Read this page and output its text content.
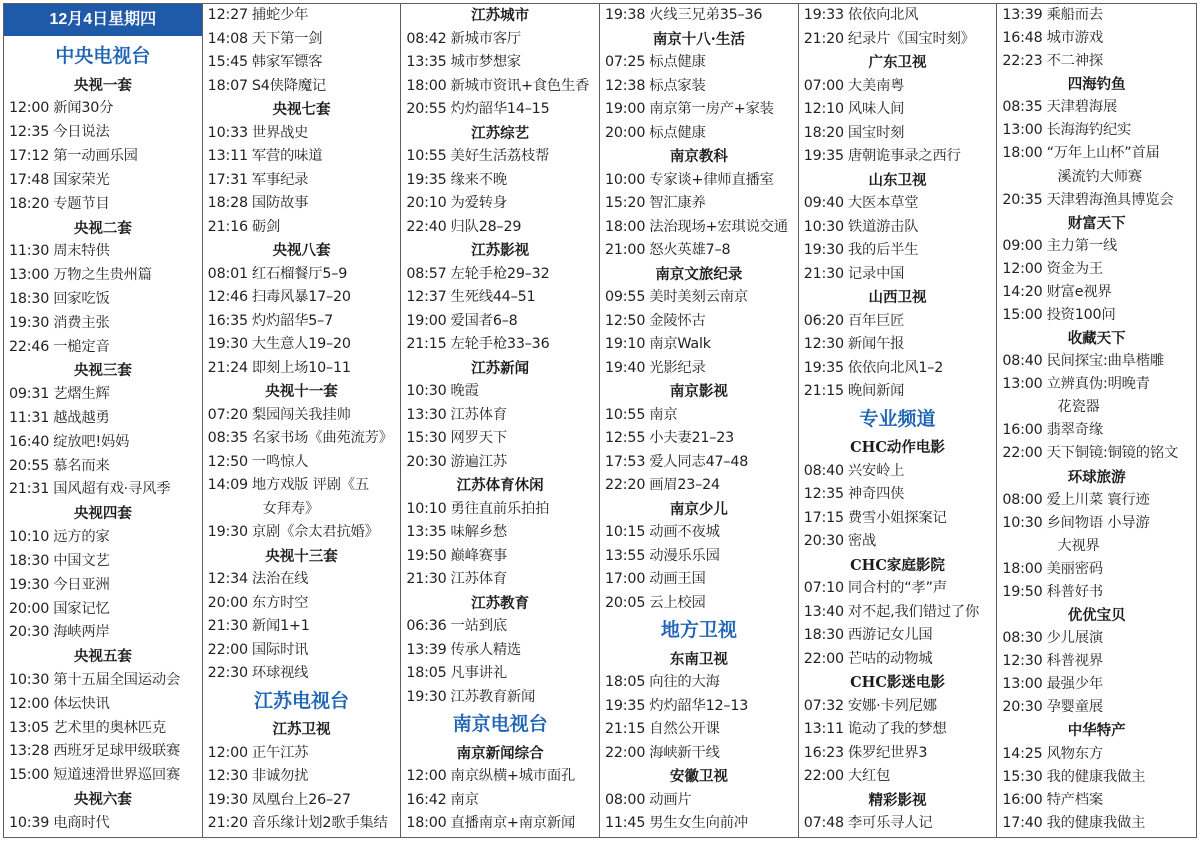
12月4日星期四
中央电视台
央视一套
12:00 新闻30分
12:35 今日说法
17:12 第一动画乐园
17:48 国家荣光
18:20 专题节目
央视二套
11:30 周末特供
13:00 万物之生贵州篇
18:30 回家吃饭
19:30 消费主张
22:46 一槌定音
央视三套
09:31 艺熠生辉
11:31 越战越勇
16:40 绽放吧!妈妈
20:55 慕名而来
21:31 国风超有戏·寻风季
央视四套
10:10 远方的家
18:30 中国文艺
19:30 今日亚洲
20:00 国家记忆
20:30 海峡两岸
央视五套
10:30 第十五届全国运动会
12:00 体坛快讯
13:05 艺术里的奥林匹克
13:28 西班牙足球甲级联赛
15:00 短道速滑世界巡回赛
央视六套
10:39 电商时代
12:27 捕蛇少年
14:08 天下第一剑
15:45 韩家军镖客
18:07 S4侠降魔记
央视七套
10:33 世界战史
13:11 军营的味道
17:31 军事纪录
18:28 国防故事
21:16 砺剑
央视八套
08:01 红石榴餐厅5–9
12:46 扫毒风暴17–20
16:35 灼灼韶华5–7
19:30 大生意人19–20
21:24 即刻上场10–11
央视十一套
07:20 梨园闯关我挂帅
08:35 名家书场《曲苑流芳》
12:50 一鸣惊人
14:09 地方戏版 评剧《五
女拜寿》
19:30 京剧《佘太君抗婚》
央视十三套
12:34 法治在线
20:00 东方时空
21:30 新闻1+1
22:00 国际时讯
22:30 环球视线
江苏电视台
江苏卫视
12:00 正午江苏
12:30 非诚勿扰
19:30 凤凰台上26–27
21:20 音乐缘计划2歌手集结
江苏城市
08:42 新城市客厅
13:35 城市梦想家
18:00 新城市资讯+食色生香
20:55 灼灼韶华14–15
江苏综艺
10:55 美好生活荔枝帮
19:35 缘来不晚
20:10 为爱转身
22:40 归队28–29
江苏影视
08:57 左轮手枪29–32
12:37 生死线44–51
19:00 爱国者6–8
21:15 左轮手枪33–36
江苏新闻
10:30 晚霞
13:30 江苏体育
15:30 网罗天下
20:30 游遍江苏
江苏体育休闲
10:10 勇往直前乐拍拍
13:35 味解乡愁
19:50 巅峰赛事
21:30 江苏体育
江苏教育
06:36 一站到底
13:39 传承人精选
18:05 凡事讲礼
19:30 江苏教育新闻
南京电视台
南京新闻综合
12:00 南京纵横+城市面孔
16:42 南京
18:00 直播南京+南京新闻
19:38 火线三兄弟35–36
南京十八·生活
07:25 标点健康
12:38 标点家装
19:00 南京第一房产+家装
20:00 标点健康
南京教科
10:00 专家谈+律师直播室
15:20 智汇康养
18:00 法治现场+宏琪说交通
21:00 怒火英雄7–8
南京文旅纪录
09:55 美时美刻云南京
12:50 金陵怀古
19:10 南京Walk
19:40 光影纪录
南京影视
10:55 南京
12:55 小夫妻21–23
17:53 爱人同志47–48
22:20 画眉23–24
南京少儿
10:15 动画不夜城
13:55 动漫乐乐园
17:00 动画王国
20:05 云上校园
地方卫视
东南卫视
18:05 向往的大海
19:35 灼灼韶华12–13
21:15 自然公开课
22:00 海峡新干线
安徽卫视
08:00 动画片
11:45 男生女生向前冲
19:33 依依向北风
21:20 纪录片《国宝时刻》
广东卫视
07:00 大美南粤
12:10 风味人间
18:20 国宝时刻
19:35 唐朝诡事录之西行
山东卫视
09:40 大医本草堂
10:30 铁道游击队
19:30 我的后半生
21:30 记录中国
山西卫视
06:20 百年巨匠
12:30 新闻午报
19:35 依依向北风1–2
21:15 晚间新闻
专业频道
CHC动作电影
08:40 兴安岭上
12:35 神奇四侠
17:15 费雪小姐探案记
20:30 密战
CHC家庭影院
07:10 同合村的“孝”声
13:40 对不起,我们错过了你
18:30 西游记女儿国
22:00 芒咕的动物城
CHC影迷电影
07:32 安娜·卡列尼娜
13:11 诡动了我的梦想
16:23 侏罗纪世界3
22:00 大红包
精彩影视
07:48 李可乐寻人记
13:39 乘船而去
16:48 城市游戏
22:23 不二神探
四海钓鱼
08:35 天津碧海展
13:00 长海海钓纪实
18:00 “万年上山杯”首届
溪流钓大师赛
20:35 天津碧海渔具博览会
财富天下
09:00 主力第一线
12:00 资金为王
14:20 财富e视界
15:00 投资100问
收藏天下
08:40 民间探宝:曲阜楷雕
13:00 立辨真伪:明晚青
花瓷器
16:00 翡翠奇缘
22:00 天下铜镜:铜镜的铭文
环球旅游
08:00 爱上川菜 寰行迹
10:30 乡间物语 小导游
大视界
18:00 美丽密码
19:50 科普好书
优优宝贝
08:30 少儿展演
12:30 科普视界
13:00 最强少年
20:30 孕婴童展
中华特产
14:25 风物东方
15:30 我的健康我做主
16:00 特产档案
17:40 我的健康我做主
